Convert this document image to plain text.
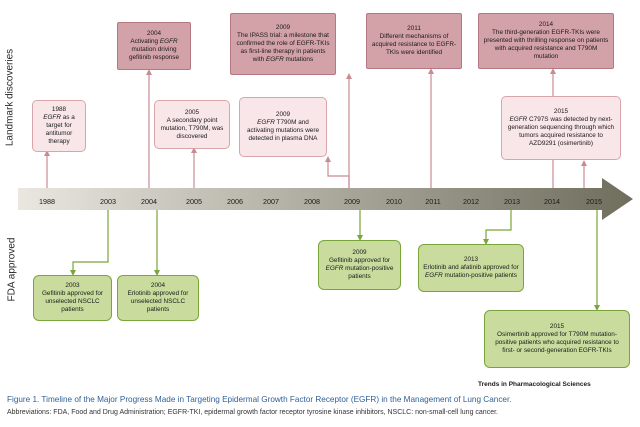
Landmark discoveries
FDA approved
1988	2003	2004	2005	2006	2007	2008	2009	2010	2011	2012	2013	2014	2015
1988
EGFR as a target for antitumor therapy
2004
Activating EGFR mutation driving gefitinib response
2005
A secondary point mutation, T790M, was discovered
2009
EGFR T790M and activating mutations were detected in plasma DNA
2009
The IPASS trial: a milestone that confirmed the role of EGFR-TKIs as first-line therapy in patients with EGFR mutations
2011
Different mechanisms of acquired resistance to EGFR-TKIs were identified
2014
The third-generation EGFR-TKIs were presented with thrilling response on patients with acquired resistance and T790M mutation
2015
EGFR C797S was detected by next-generation sequencing through which tumors acquired resistance to AZD9291 (osimertinib)
2003
Gefitinib approved for unselected NSCLC patients
2004
Erlotinib approved for unselected NSCLC patients
2009
Gefitinib approved for EGFR mutation-positive patients
2013
Erlotinib and afatinib approved for EGFR mutation-positive patients
2015
Osimertinib approved for T790M mutation-positive patients who acquired resistance to first- or second-generation EGFR-TKIs
Trends in Pharmacological Sciences
Figure 1. Timeline of the Major Progress Made in Targeting Epidermal Growth Factor Receptor (EGFR) in the Management of Lung Cancer.
Abbreviations: FDA, Food and Drug Administration; EGFR-TKI, epidermal growth factor receptor tyrosine kinase inhibitors, NSCLC: non-small-cell lung cancer.
